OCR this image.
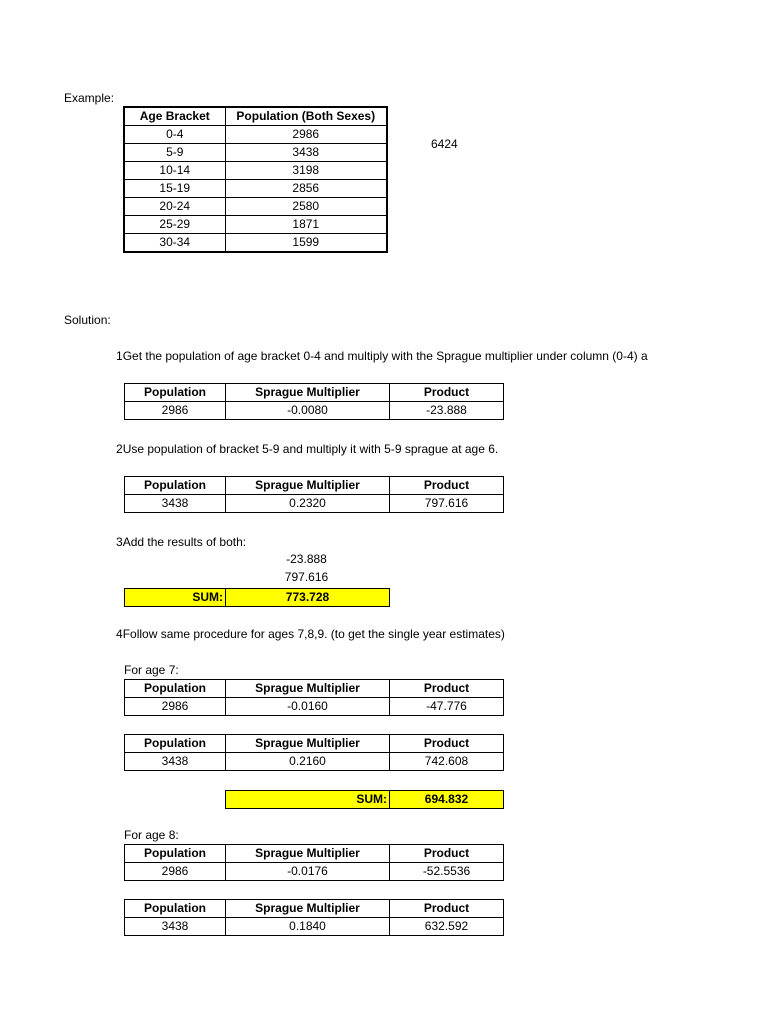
Example:
Age Bracket	Population (Both Sexes)
0-4	2986
5-9	3438
10-14	3198
15-19	2856
20-24	2580
25-29	1871
30-34	1599
6424
Solution:
1Get the population of age bracket 0-4 and multiply with the Sprague multiplier under column (0-4) a
Population	Sprague Multiplier	Product
2986	-0.0080	-23.888
2Use population of bracket 5-9 and multiply it with 5-9 sprague at age 6.
Population	Sprague Multiplier	Product
3438	0.2320	797.616
3Add the results of both:
-23.888
797.616
SUM:	773.728
4Follow same procedure for ages 7,8,9. (to get the single year estimates)
For age 7:
Population	Sprague Multiplier	Product
2986	-0.0160	-47.776
Population	Sprague Multiplier	Product
3438	0.2160	742.608
SUM:	694.832
For age 8:
Population	Sprague Multiplier	Product
2986	-0.0176	-52.5536
Population	Sprague Multiplier	Product
3438	0.1840	632.592
